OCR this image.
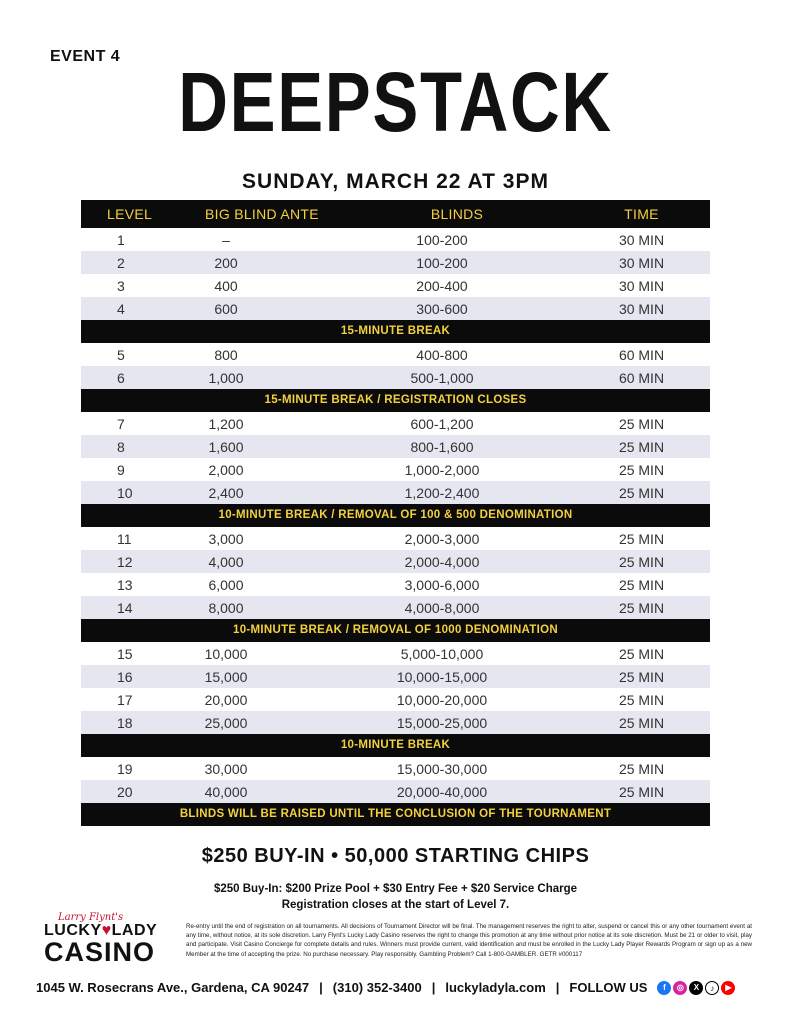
EVENT 4 DEEPSTACK
SUNDAY, MARCH 22 AT 3PM
LEVEL	BIG BLIND ANTE	BLINDS	TIME
1	–	100-200	30 MIN
2	200	100-200	30 MIN
3	400	200-400	30 MIN
4	600	300-600	30 MIN
15-MINUTE BREAK
5	800	400-800	60 MIN
6	1,000	500-1,000	60 MIN
15-MINUTE BREAK / REGISTRATION CLOSES
7	1,200	600-1,200	25 MIN
8	1,600	800-1,600	25 MIN
9	2,000	1,000-2,000	25 MIN
10	2,400	1,200-2,400	25 MIN
10-MINUTE BREAK / REMOVAL OF 100 & 500 DENOMINATION
11	3,000	2,000-3,000	25 MIN
12	4,000	2,000-4,000	25 MIN
13	6,000	3,000-6,000	25 MIN
14	8,000	4,000-8,000	25 MIN
10-MINUTE BREAK / REMOVAL OF 1000 DENOMINATION
15	10,000	5,000-10,000	25 MIN
16	15,000	10,000-15,000	25 MIN
17	20,000	10,000-20,000	25 MIN
18	25,000	15,000-25,000	25 MIN
10-MINUTE BREAK
19	30,000	15,000-30,000	25 MIN
20	40,000	20,000-40,000	25 MIN
BLINDS WILL BE RAISED UNTIL THE CONCLUSION OF THE TOURNAMENT
$250 BUY-IN • 50,000 STARTING CHIPS
$250 Buy-In: $200 Prize Pool + $30 Entry Fee + $20 Service Charge
Registration closes at the start of Level 7.
Larry Flynt's
LUCKY♥LADY
CASINO
Re-entry until the end of registration on all tournaments. All decisions of Tournament Director will be final. The management reserves the right to alter, suspend or cancel this or any other tournament event at any time, without notice, at its sole discretion. Larry Flynt's Lucky Lady Casino reserves the right to change this promotion at any time without prior notice at its sole discretion. Must be 21 or older to visit, play and participate. Visit Casino Concierge for complete details and rules. Winners must provide current, valid identification and must be enrolled in the Lucky Lady Player Rewards Program or sign up as a new Member at the time of accepting the prize. No purchase necessary. Play responsibly. Gambling Problem? Call 1-800-GAMBLER. GETR #000117
1045 W. Rosecrans Ave., Gardena, CA 90247 | (310) 352-3400 | luckyladyla.com | FOLLOW US	f	◎	X	♪	▶
